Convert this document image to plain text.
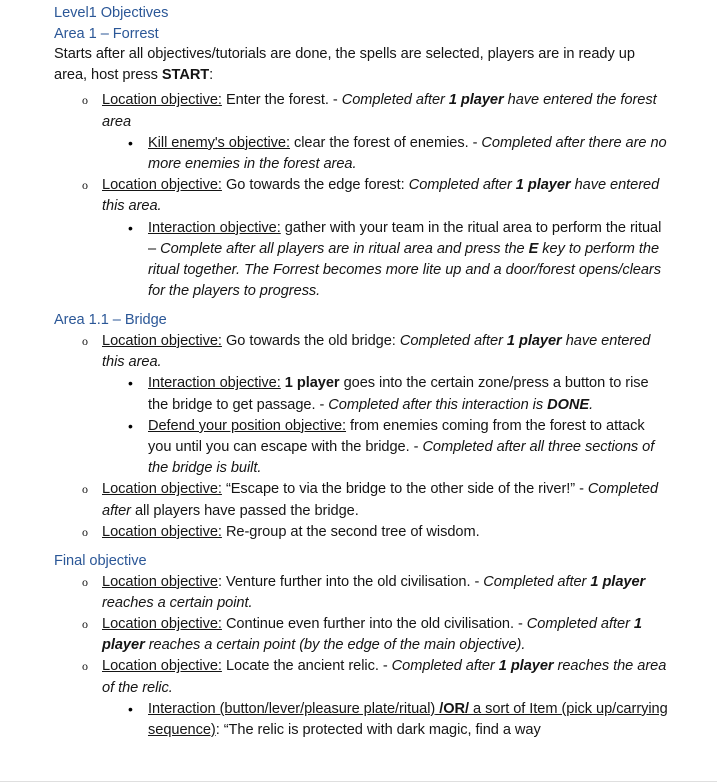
Level1 Objectives
Area 1 – Forrest

Starts after all objectives/tutorials are done, the spells are selected, players are in ready up area, host press START:

o Location objective: Enter the forest. - Completed after 1 player have entered the forest area
• Kill enemy's objective: clear the forest of enemies. - Completed after there are no more enemies in the forest area.
o Location objective: Go towards the edge forest: Completed after 1 player have entered this area.
• Interaction objective: gather with your team in the ritual area to perform the ritual – Complete after all players are in ritual area and press the E key to perform the ritual together. The Forrest becomes more lite up and a door/forest opens/clears for the players to progress.
Area 1.1 – Bridge
o Location objective: Go towards the old bridge: Completed after 1 player have entered this area.
• Interaction objective: 1 player goes into the certain zone/press a button to rise the bridge to get passage. - Completed after this interaction is DONE.
• Defend your position objective: from enemies coming from the forest to attack you until you can escape with the bridge. - Completed after all three sections of the bridge is built.
o Location objective: “Escape to via the bridge to the other side of the river!” - Completed after all players have passed the bridge.
o Location objective: Re-group at the second tree of wisdom.
Final objective
o Location objective: Venture further into the old civilisation. - Completed after 1 player reaches a certain point.
o Location objective: Continue even further into the old civilisation. - Completed after 1 player reaches a certain point (by the edge of the main objective).
o Location objective: Locate the ancient relic. - Completed after 1 player reaches the area of the relic.
• Interaction (button/lever/pleasure plate/ritual) /OR/ a sort of Item (pick up/carrying sequence): “The relic is protected with dark magic, find a way
